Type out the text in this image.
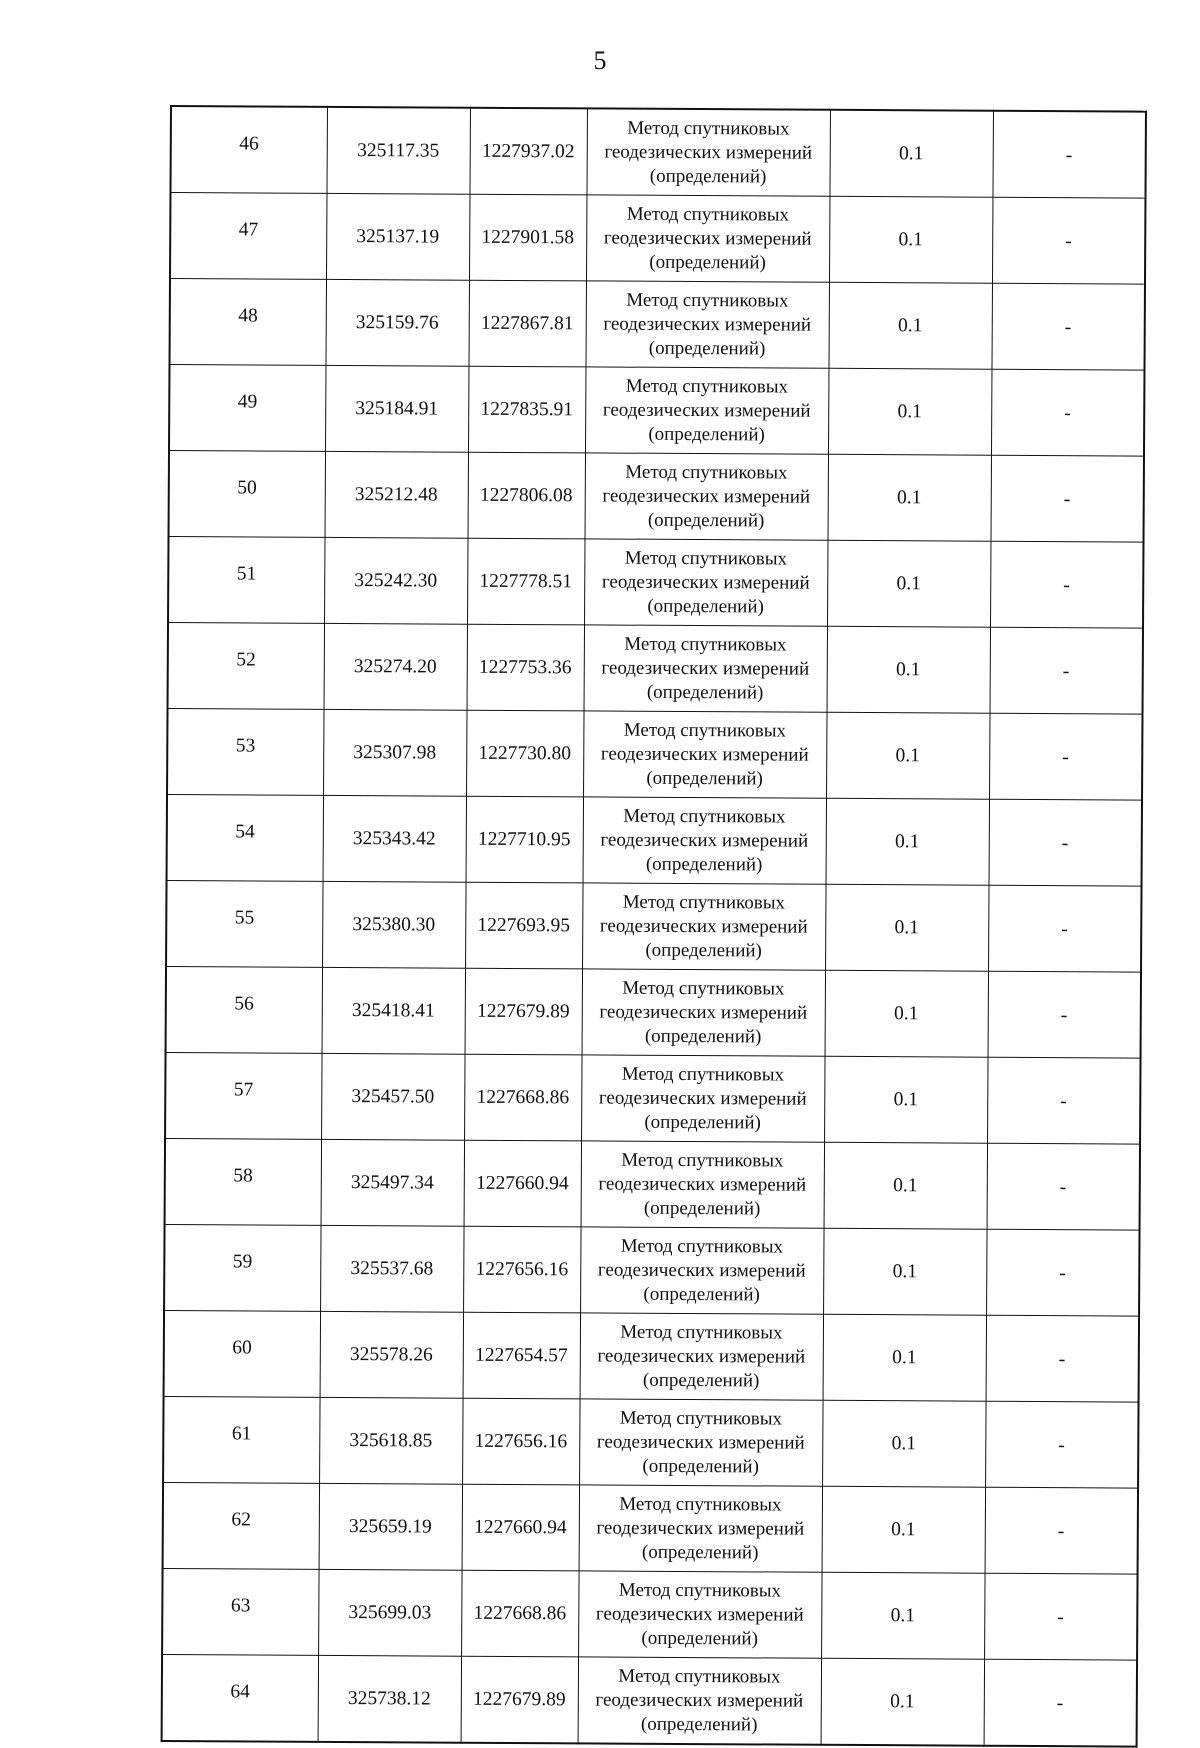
5
46	325117.35	1227937.02	Метод спутниковых
геодезических измерений
(определений)	0.1	-
47	325137.19	1227901.58	Метод спутниковых
геодезических измерений
(определений)	0.1	-
48	325159.76	1227867.81	Метод спутниковых
геодезических измерений
(определений)	0.1	-
49	325184.91	1227835.91	Метод спутниковых
геодезических измерений
(определений)	0.1	-
50	325212.48	1227806.08	Метод спутниковых
геодезических измерений
(определений)	0.1	-
51	325242.30	1227778.51	Метод спутниковых
геодезических измерений
(определений)	0.1	-
52	325274.20	1227753.36	Метод спутниковых
геодезических измерений
(определений)	0.1	-
53	325307.98	1227730.80	Метод спутниковых
геодезических измерений
(определений)	0.1	-
54	325343.42	1227710.95	Метод спутниковых
геодезических измерений
(определений)	0.1	-
55	325380.30	1227693.95	Метод спутниковых
геодезических измерений
(определений)	0.1	-
56	325418.41	1227679.89	Метод спутниковых
геодезических измерений
(определений)	0.1	-
57	325457.50	1227668.86	Метод спутниковых
геодезических измерений
(определений)	0.1	-
58	325497.34	1227660.94	Метод спутниковых
геодезических измерений
(определений)	0.1	-
59	325537.68	1227656.16	Метод спутниковых
геодезических измерений
(определений)	0.1	-
60	325578.26	1227654.57	Метод спутниковых
геодезических измерений
(определений)	0.1	-
61	325618.85	1227656.16	Метод спутниковых
геодезических измерений
(определений)	0.1	-
62	325659.19	1227660.94	Метод спутниковых
геодезических измерений
(определений)	0.1	-
63	325699.03	1227668.86	Метод спутниковых
геодезических измерений
(определений)	0.1	-
64	325738.12	1227679.89	Метод спутниковых
геодезических измерений
(определений)	0.1	-
